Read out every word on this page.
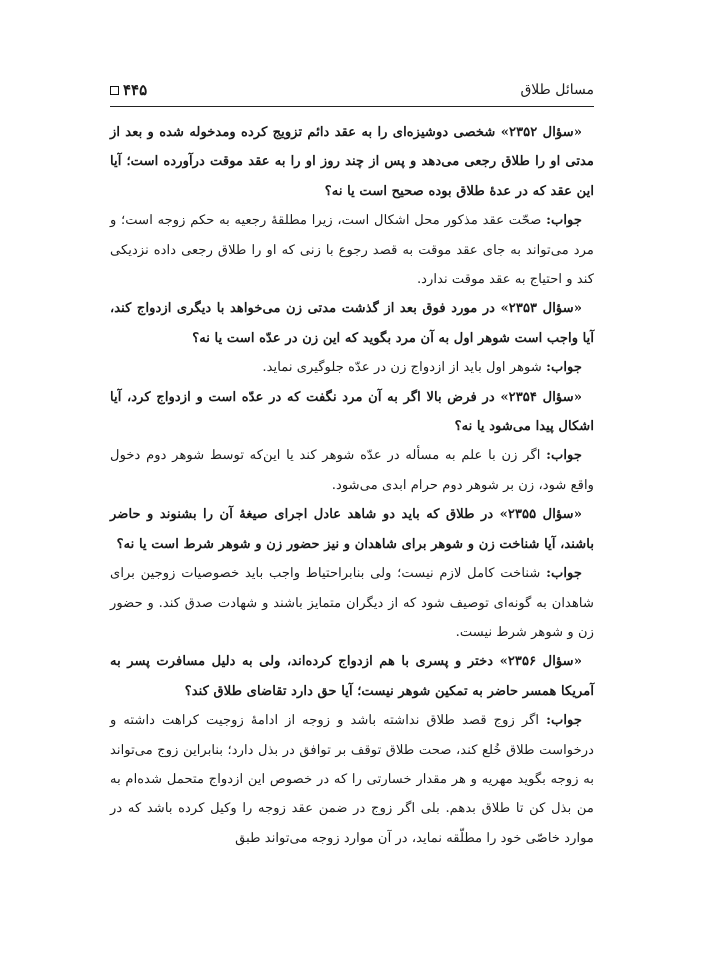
مسائل طلاق
۴۴۵

«سؤال ۲۳۵۲» شخصی دوشیزه‌ای را به عقد دائم تزویج کرده ومدخوله شده و بعد از مدتی او را طلاق رجعی می‌دهد و پس از چند روز او را به عقد موقت درآورده است؛ آیا این عقد که در عدۀ طلاق بوده صحیح است یا نه؟

جواب: صحّت عقد مذکور محل اشکال است، زیرا مطلقۀ رجعیه به حکم زوجه است؛ و مرد می‌تواند به جای عقد موقت به قصد رجوع با زنی که او را طلاق رجعی داده نزدیکی کند و احتیاج به عقد موقت ندارد.

«سؤال ۲۳۵۳» در مورد فوق بعد از گذشت مدتی زن می‌خواهد با دیگری ازدواج کند، آیا واجب است شوهر اول به آن مرد بگوید که این زن در عدّه است یا نه؟

جواب: شوهر اول باید از ازدواج زن در عدّه جلوگیری نماید.

«سؤال ۲۳۵۴» در فرض بالا اگر به آن مرد نگفت که در عدّه است و ازدواج کرد، آیا اشکال پیدا می‌شود یا نه؟

جواب: اگر زن با علم به مسأله در عدّه شوهر کند یا این‌که توسط شوهر دوم دخول واقع شود، زن بر شوهر دوم حرام ابدی می‌شود.

«سؤال ۲۳۵۵» در طلاق که باید دو شاهد عادل اجرای صیغۀ آن را بشنوند و حاضر باشند، آیا شناخت زن و شوهر برای شاهدان و نیز حضور زن و شوهر شرط است یا نه؟

جواب: شناخت کامل لازم نیست؛ ولی بنابراحتیاط واجب باید خصوصیات زوجین برای شاهدان به گونه‌ای توصیف شود که از دیگران متمایز باشند و شهادت صدق کند. و حضور زن و شوهر شرط نیست.

«سؤال ۲۳۵۶» دختر و پسری با هم ازدواج کرده‌اند، ولی به دلیل مسافرت پسر به آمریکا همسر حاضر به تمکین شوهر نیست؛ آیا حق دارد تقاضای طلاق کند؟

جواب: اگر زوج قصد طلاق نداشته باشد و زوجه از ادامۀ زوجیت کراهت داشته و درخواست طلاق خُلع کند، صحت طلاق توقف بر توافق در بذل دارد؛ بنابراین زوج می‌تواند به زوجه بگوید مهریه و هر مقدار خسارتی را که در خصوص این ازدواج متحمل شده‌ام به من بذل کن تا طلاق بدهم. بلی اگر زوج در ضمن عقد زوجه را وکیل کرده باشد که در موارد خاصّی خود را مطلّقه نماید، در آن موارد زوجه می‌تواند طبق
